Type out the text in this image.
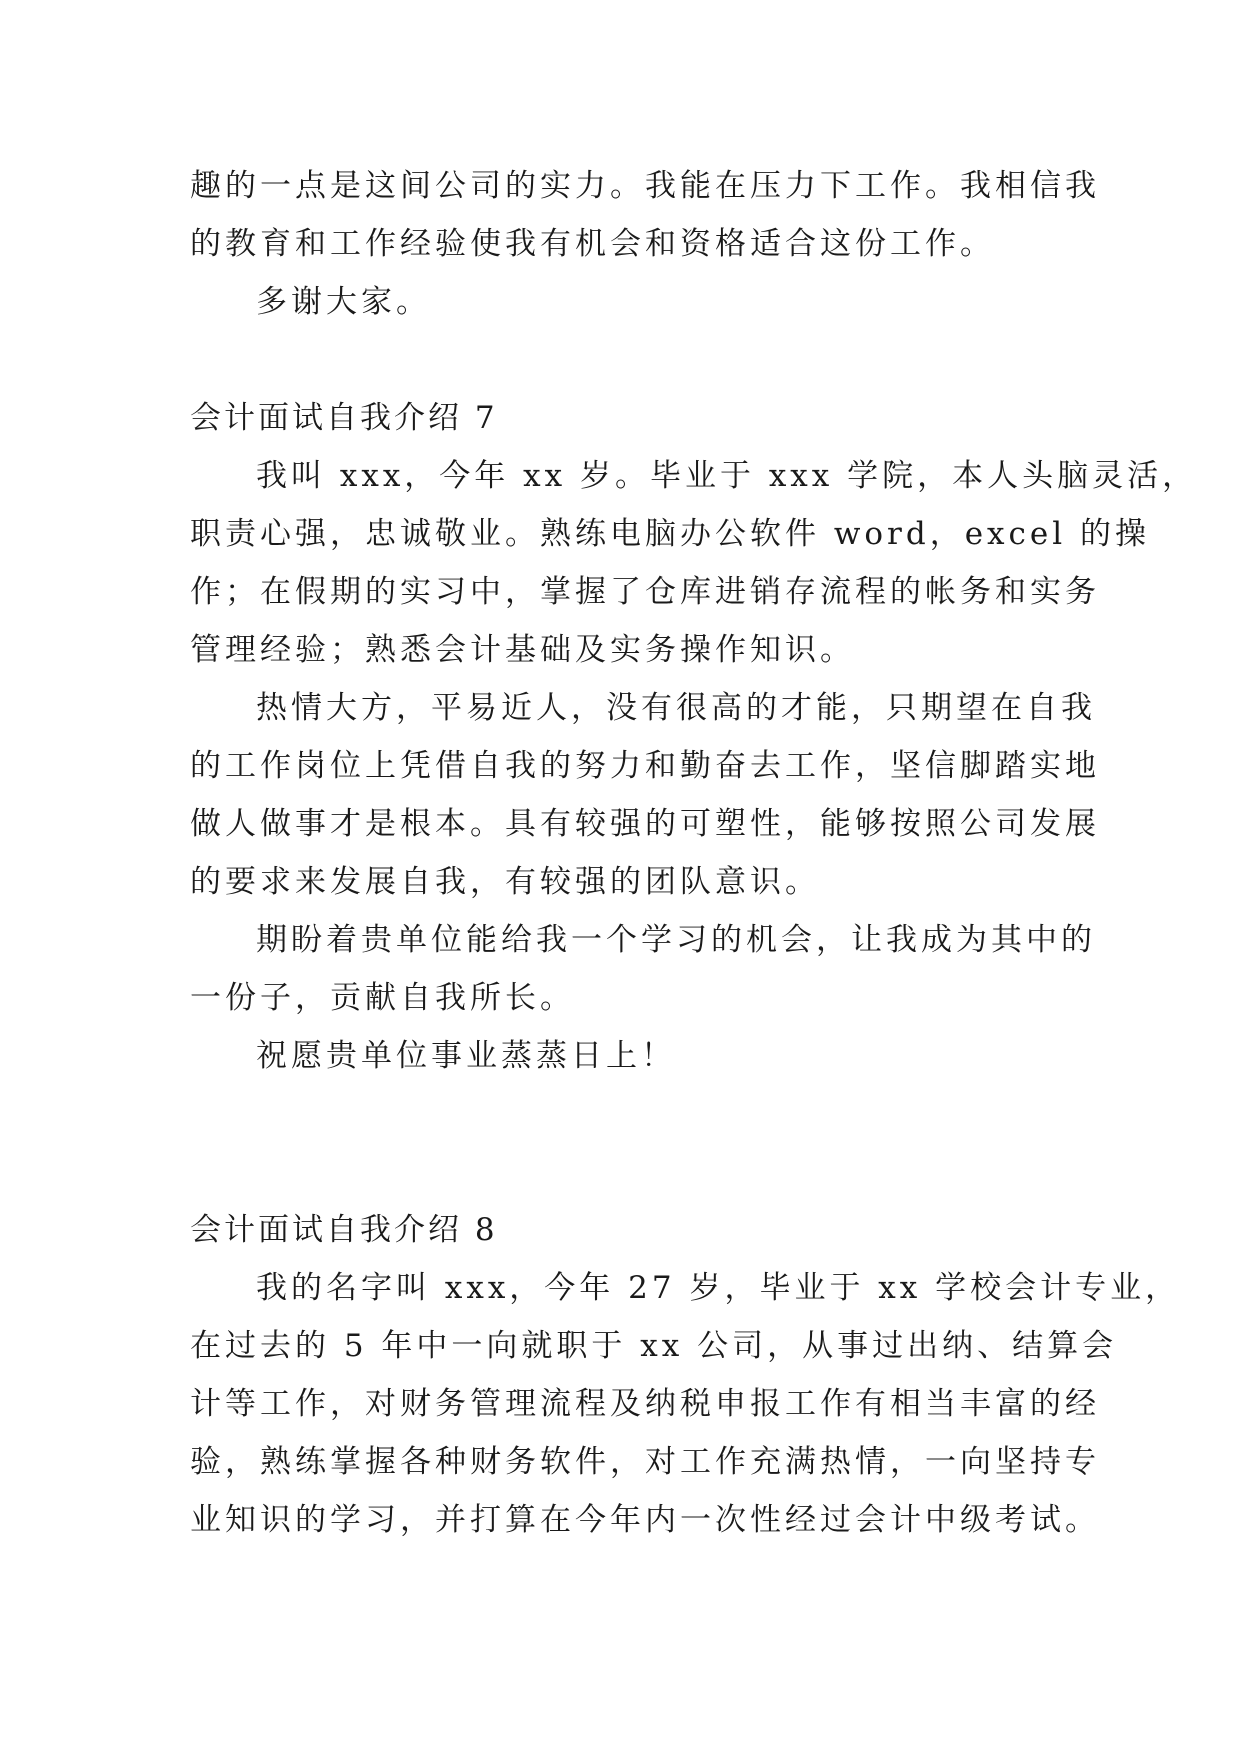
趣的一点是这间公司的实力。我能在压力下工作。我相信我
的教育和工作经验使我有机会和资格适合这份工作。
多谢大家。
会计面试自我介绍 7
我叫 xxx，今年 xx 岁。毕业于 xxx 学院，本人头脑灵活，
职责心强，忠诚敬业。熟练电脑办公软件 word，excel 的操
作；在假期的实习中，掌握了仓库进销存流程的帐务和实务
管理经验；熟悉会计基础及实务操作知识。
热情大方，平易近人，没有很高的才能，只期望在自我
的工作岗位上凭借自我的努力和勤奋去工作，坚信脚踏实地
做人做事才是根本。具有较强的可塑性，能够按照公司发展
的要求来发展自我，有较强的团队意识。
期盼着贵单位能给我一个学习的机会，让我成为其中的
一份子，贡献自我所长。
祝愿贵单位事业蒸蒸日上！
会计面试自我介绍 8
我的名字叫 xxx，今年 27 岁，毕业于 xx 学校会计专业，
在过去的 5 年中一向就职于 xx 公司，从事过出纳、结算会
计等工作，对财务管理流程及纳税申报工作有相当丰富的经
验，熟练掌握各种财务软件，对工作充满热情，一向坚持专
业知识的学习，并打算在今年内一次性经过会计中级考试。
